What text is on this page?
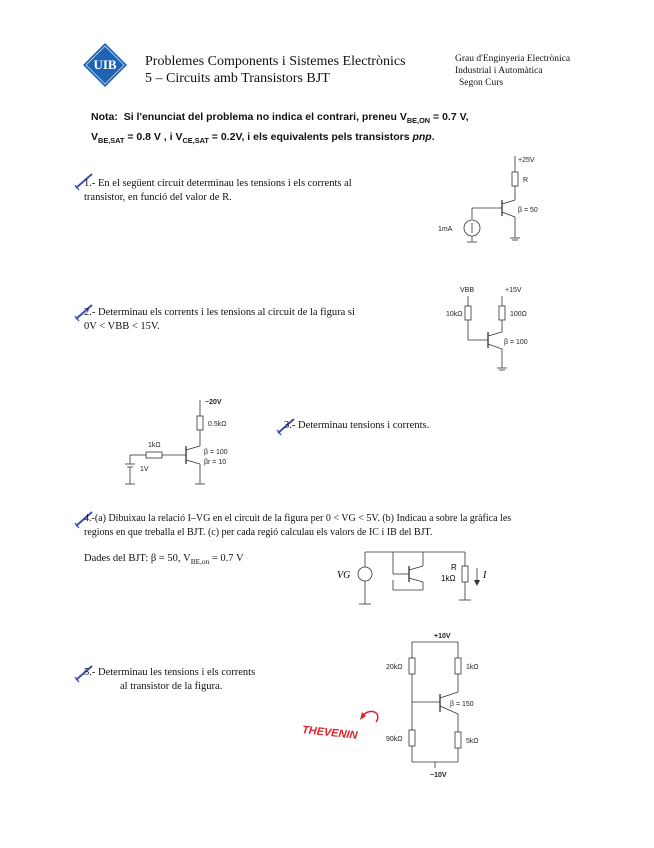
UIB Problemes Components i Sistemes Electrònics
5 – Circuits amb Transistors BJT
Grau d'Enginyeria Electrònica
Industrial i Automàtica
Segon Curs
Nota: Si l'enunciat del problema no indica el contrari, preneu $V_{BE,ON} = 0.7$ V,
$V_{BE,SAT} = 0.8$ V , i $V_{CE,SAT} = 0.2V$, i els equivalents pels transistors pnp.
1.- En el següent circuit determinau les tensions i els corrents al
transistor, en funció del valor de R.
+25V
R
β = 50
1mA
2.- Determinau els corrents i les tensions al circuit de la figura si
0V < VBB < 15V.
VBB	+15V
10kΩ	100Ω
β = 100
−20V
0.5kΩ
β = 100
βr = 10
1kΩ
1V
3.- Determinau tensions i corrents.
4.-(a) Dibuixau la relació I–VG en el circuit de la figura per 0 < VG < 5V. (b) Indicau a sobre la gràfica les
regions en que treballa el BJT. (c) per cada regió calculau els valors de IC i IB del BJT.
Dades del BJT: β = 50, $V_{BE,on} = 0.7$ V
VG
R
1kΩ	I
5.- Determinau les tensions i els corrents
al transistor de la figura.
THEVENIN
+10V
20kΩ	1kΩ
β = 150
90kΩ	5kΩ
−10V
